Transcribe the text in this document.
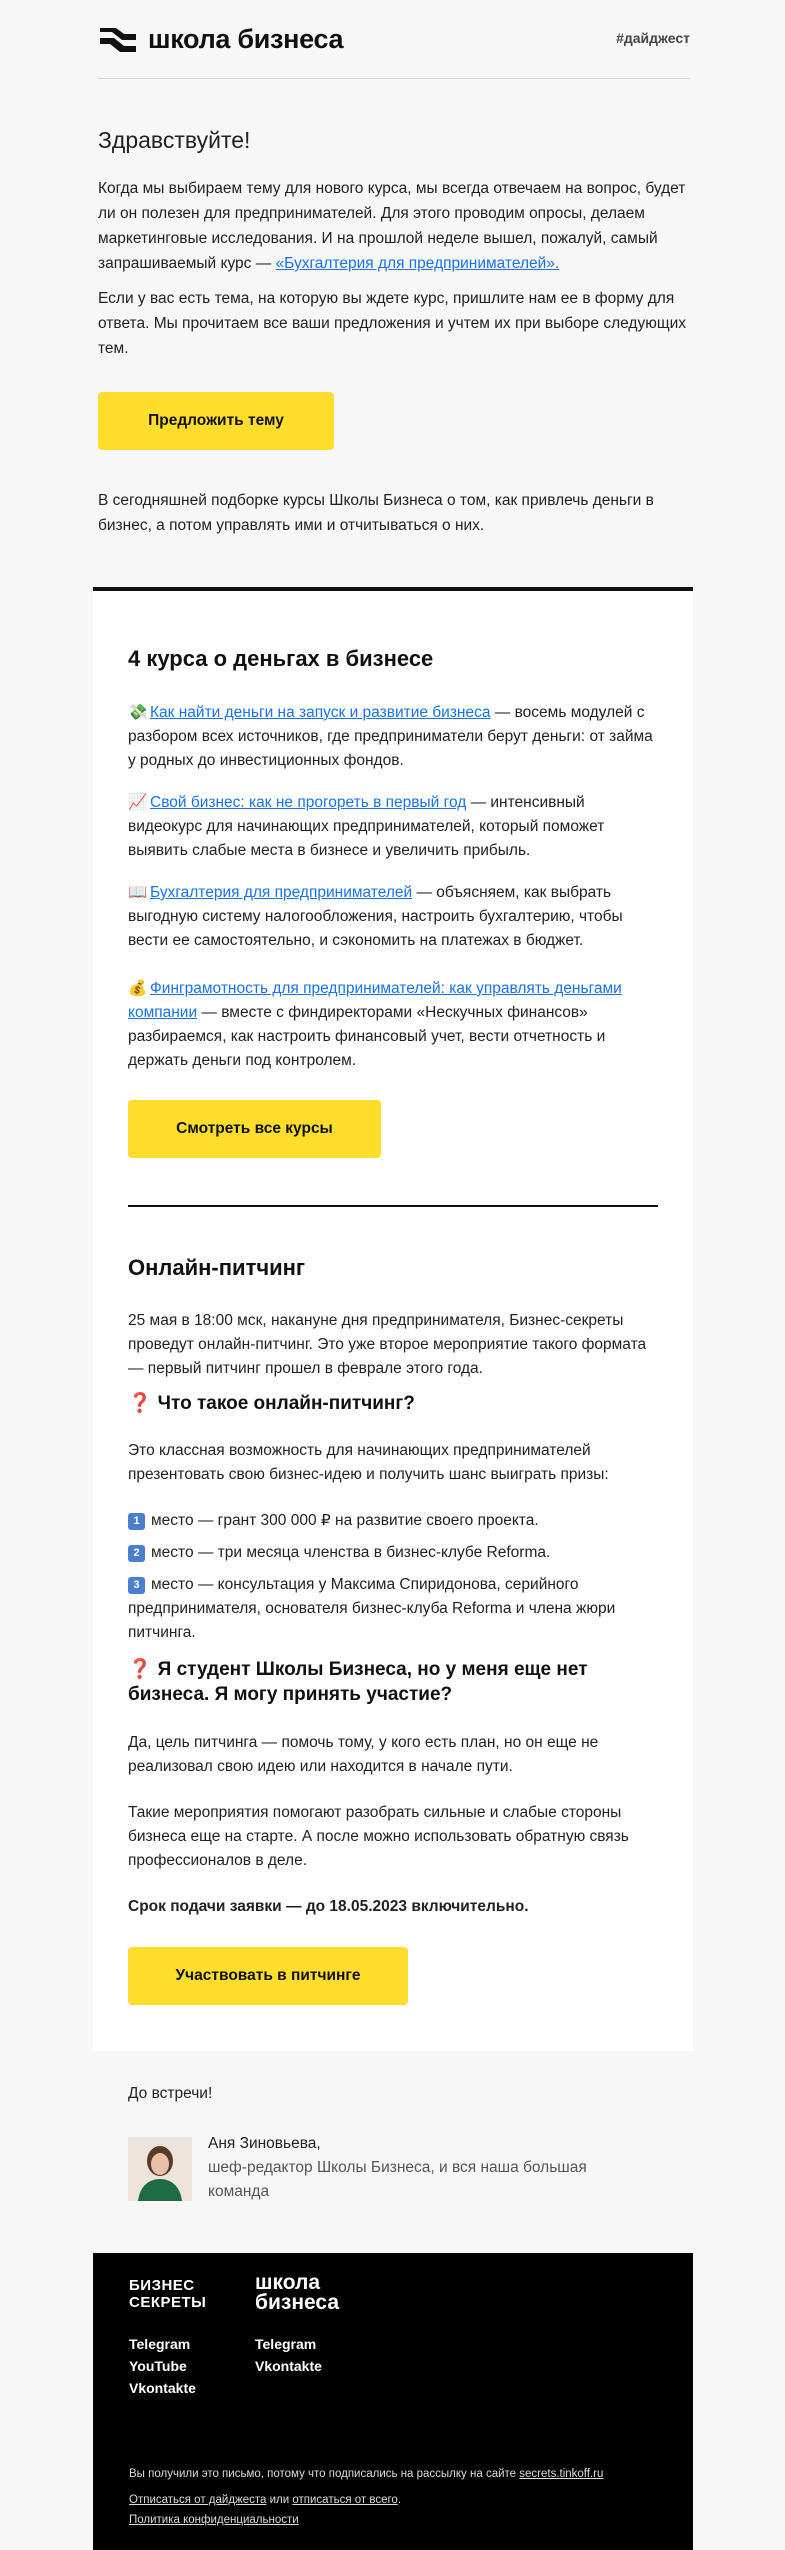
школа бизнеса	#дайджест
Здравствуйте!

Когда мы выбираем тему для нового курса, мы всегда отвечаем на вопрос, будет ли он полезен для предпринимателей. Для этого проводим опросы, делаем маркетинговые исследования. И на прошлой неделе вышел, пожалуй, самый запрашиваемый курс — «Бухгалтерия для предпринимателей».

Если у вас есть тема, на которую вы ждете курс, пришлите нам ее в форму для ответа. Мы прочитаем все ваши предложения и учтем их при выборе следующих тем.

Предложить тему
В сегодняшней подборке курсы Школы Бизнеса о том, как привлечь деньги в бизнес, а потом управлять ими и отчитываться о них.
4 курса о деньгах в бизнесе
💸 Как найти деньги на запуск и развитие бизнеса — восемь модулей с разбором всех источников, где предприниматели берут деньги: от займа у родных до инвестиционных фондов.
📈 Свой бизнес: как не прогореть в первый год — интенсивный видеокурс для начинающих предпринимателей, который поможет выявить слабые места в бизнесе и увеличить прибыль.
📖 Бухгалтерия для предпринимателей — объясняем, как выбрать выгодную систему налогообложения, настроить бухгалтерию, чтобы вести ее самостоятельно, и сэкономить на платежах в бюджет.
💰 Финграмотность для предпринимателей: как управлять деньгами компании — вместе с финдиректорами «Нескучных финансов» разбираемся, как настроить финансовый учет, вести отчетность и держать деньги под контролем.
Смотреть все курсы
Онлайн-питчинг
25 мая в 18:00 мск, накануне дня предпринимателя, Бизнес-секреты проведут онлайн-питчинг. Это уже второе мероприятие такого формата — первый питчинг прошел в феврале этого года.
❓ Что такое онлайн-питчинг?
Это классная возможность для начинающих предпринимателей презентовать свою бизнес-идею и получить шанс выиграть призы:
1 место — грант 300 000 ₽ на развитие своего проекта.
2 место — три месяца членства в бизнес-клубе Reforma.
3 место — консультация у Максима Спиридонова, серийного предпринимателя, основателя бизнес-клуба Reforma и члена жюри питчинга.
❓ Я студент Школы Бизнеса, но у меня еще нет бизнеса. Я могу принять участие?
Да, цель питчинга — помочь тому, у кого есть план, но он еще не реализовал свою идею или находится в начале пути.
Такие мероприятия помогают разобрать сильные и слабые стороны бизнеса еще на старте. А после можно использовать обратную связь профессионалов в деле.
Срок подачи заявки — до 18.05.2023 включительно.
Участвовать в питчинге
До встречи!
Аня Зиновьева,
шеф-редактор Школы Бизнеса, и вся наша большая команда
БИЗНЕС СЕКРЕТЫ
школа бизнеса
Telegram
YouTube
Vkontakte
Telegram
Vkontakte
Вы получили это письмо, потому что подписались на рассылку на сайте secrets.tinkoff.ru
Отписаться от дайджеста или отписаться от всего.
Политика конфиденциальности
